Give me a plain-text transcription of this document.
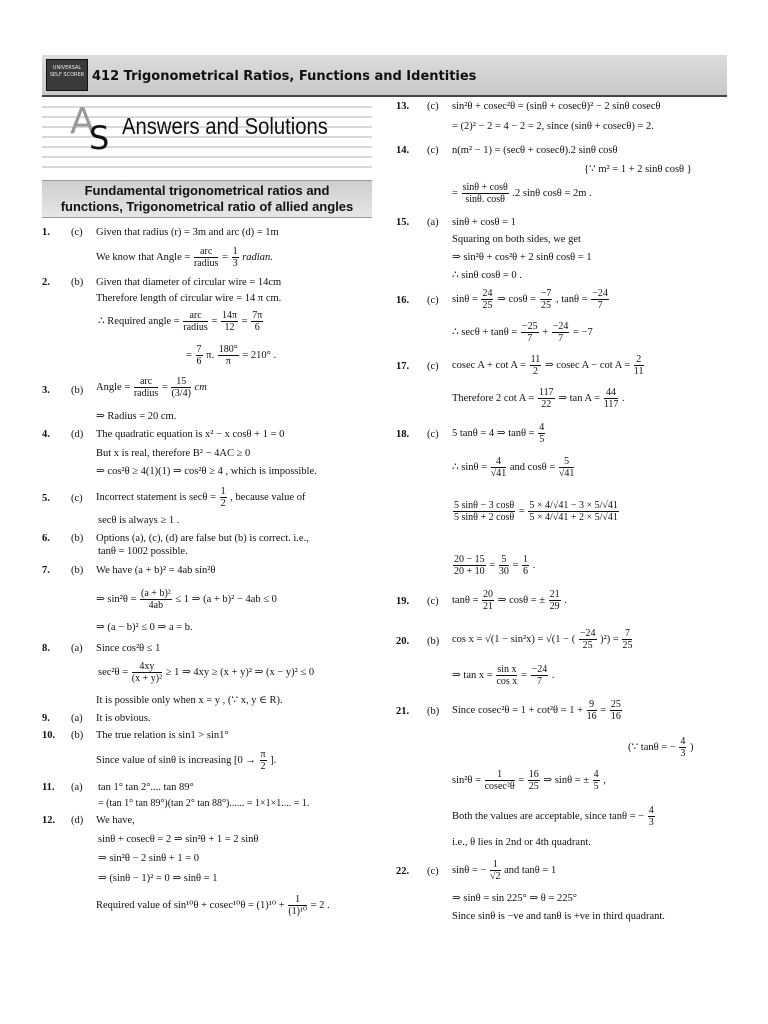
UNIVERSAL SELF SCORER 412 Trigonometrical Ratios, Functions and Identities
A
S Answers and Solutions
Fundamental trigonometrical ratios and
functions, Trigonometrical ratio of allied angles
1. (c) Given that radius (r) = 3m and arc (d) = 1m
We know that Angle =
arc
radius
= $\frac{1}{3}$ radian.
2. (b) Given that diameter of circular wire = 14cm
Therefore length of circular wire = 14 π cm.
∴ Required angle =
arc
radius
= $\frac{14\pi}{12} = \frac{7\pi}{6}$
= $\frac{7}{6} \pi$. $\frac{180^\circ}{\pi} = 210^\circ$ .
3. (b) Angle =
arc
radius
= $\frac{15}{(3/4)}$ cm
⇒ Radius = 20 cm.
4. (d) The quadratic equation is x² − x cosθ + 1 = 0
But x is real, therefore B² − 4AC ≥ 0
⇒ cos²θ ≥ 4(1)(1) ⇒ cos²θ ≥ 4 , which is impossible.
5. (c) Incorrect statement is $\sec\theta = \frac{1}{2}$ , because value of
secθ is always ≥ 1 .
6. (b) Options (a), (c), (d) are false but (b) is correct. i.e.,
tanθ = 1002 possible.
7. (b) We have (a + b)² = 4ab sin²θ
⇒ $\sin^2\theta = \frac{\text{(a + b)²}}{4ab} \le 1$ ⇒ (a + b)² − 4ab ≤ 0
⇒ (a − b)² ≤ 0 ⇒ a = b.
8. (a) Since cos²θ ≤ 1
$\sec^2\theta = \frac{4xy}{\text{(x + y)²}} \ge 1$ ⇒ 4xy ≥ (x + y)² ⇒ (x − y)² ≤ 0
It is possible only when x = y , (∵ x, y ∈ R).
9. (a) It is obvious.
10. (b) The true relation is sin1 > sin1°
Since value of sinθ is increasing [$0 \to \frac{\pi}{2}$ ].
11. (a) tan 1° tan 2°.... tan 89°
= (tan 1° tan 89°)(tan 2° tan 88°)...... = 1×1×1.... = 1.
12. (d) We have,
sinθ + cosecθ = 2 ⇒ sin²θ + 1 = 2 sinθ
⇒ sin²θ − 2 sinθ + 1 = 0
⇒ (sinθ − 1)² = 0 ⇒ sinθ = 1
Required value of $\sin^{10}\theta + cosec^{10}\theta = (1)^{10} + \frac{1}{\text{(1)¹⁰}} = 2$ .
13. (c) sin²θ + cosec²θ = (sinθ + cosecθ)² − 2 sinθ cosecθ
= (2)² − 2 = 4 − 2 = 2, since (sinθ + cosecθ) = 2.
14. (c) n(m² − 1) = (secθ + cosecθ).2 sinθ cosθ
{∵ m² = 1 + 2 sinθ cosθ }
= $\frac{\sin\theta + \cos\theta}{\sin\theta. \cos\theta} .2$ sinθ cosθ = 2m .
15. (a) sinθ + cosθ = 1
Squaring on both sides, we get
⇒ sin²θ + cos²θ + 2 sinθ cosθ = 1
∴ sinθ cosθ = 0 .
16. (c) $\sin\theta = \frac{24}{25}$ ⇒ $\cos\theta = \frac{-7}{25}$ , $\tan\theta = \frac{-24}{7}$
∴ $\sec\theta + \tan\theta = \frac{-25}{7} + \frac{-24}{7} = -7$
17. (c) cosec $A + \cot A = \frac{11}{2}$ ⇒ cosec $A - \cot A = \frac{2}{11}$
Therefore 2 $\cot A = \frac{117}{22}$ ⇒ $\tan A = \frac{44}{117}$ .
18. (c) 5 tanθ = 4 ⇒ $\tan\theta = \frac{4}{5}$
∴ $\sin\theta = \frac{4}{√41}$ and $\cos\theta = \frac{5}{√41}$
$\frac{5 \sin\theta - 3 \cos\theta}{5 \sin\theta + 2 \cos\theta} = \frac{5 \times 4/√41 - 3 \times 5/√41}{5 \times 4/√41 + 2 \times 5/√41}$
$\frac{20 - 15}{20 + 10} = \frac{5}{30} = \frac{1}{6}$ .
19. (c) $\tan\theta = \frac{20}{21}$ ⇒ cosθ = ± $\frac{21}{29}$ .
20. (b) cos x = √(1 − sin²x) = √(1 − ( $\frac{-24}{25} )^2) = \frac{7}{25}$
⇒ $\tan x = \frac{\text{sin x}}{\text{cos x}} = \frac{-24}{7}$ .
21. (b) Since $cosec^2\theta = 1 + \cot^2\theta = 1 + \frac{9}{16} = \frac{25}{16}$
(∵ tanθ = − $\frac{4}{3}$ )
$\sin^2\theta = \frac{1}{\text{cosec²θ}} = \frac{16}{25}$ ⇒ sinθ = ± $\frac{4}{5}$ ,
Both the values are acceptable, since tanθ = − $\frac{4}{3}$
i.e., θ lies in 2nd or 4th quadrant.
22. (c) sinθ = − $\frac{1}{√2}$ and tanθ = 1
⇒ sinθ = sin 225° ⇒ θ = 225°
Since sinθ is −ve and tanθ is +ve in third quadrant.
